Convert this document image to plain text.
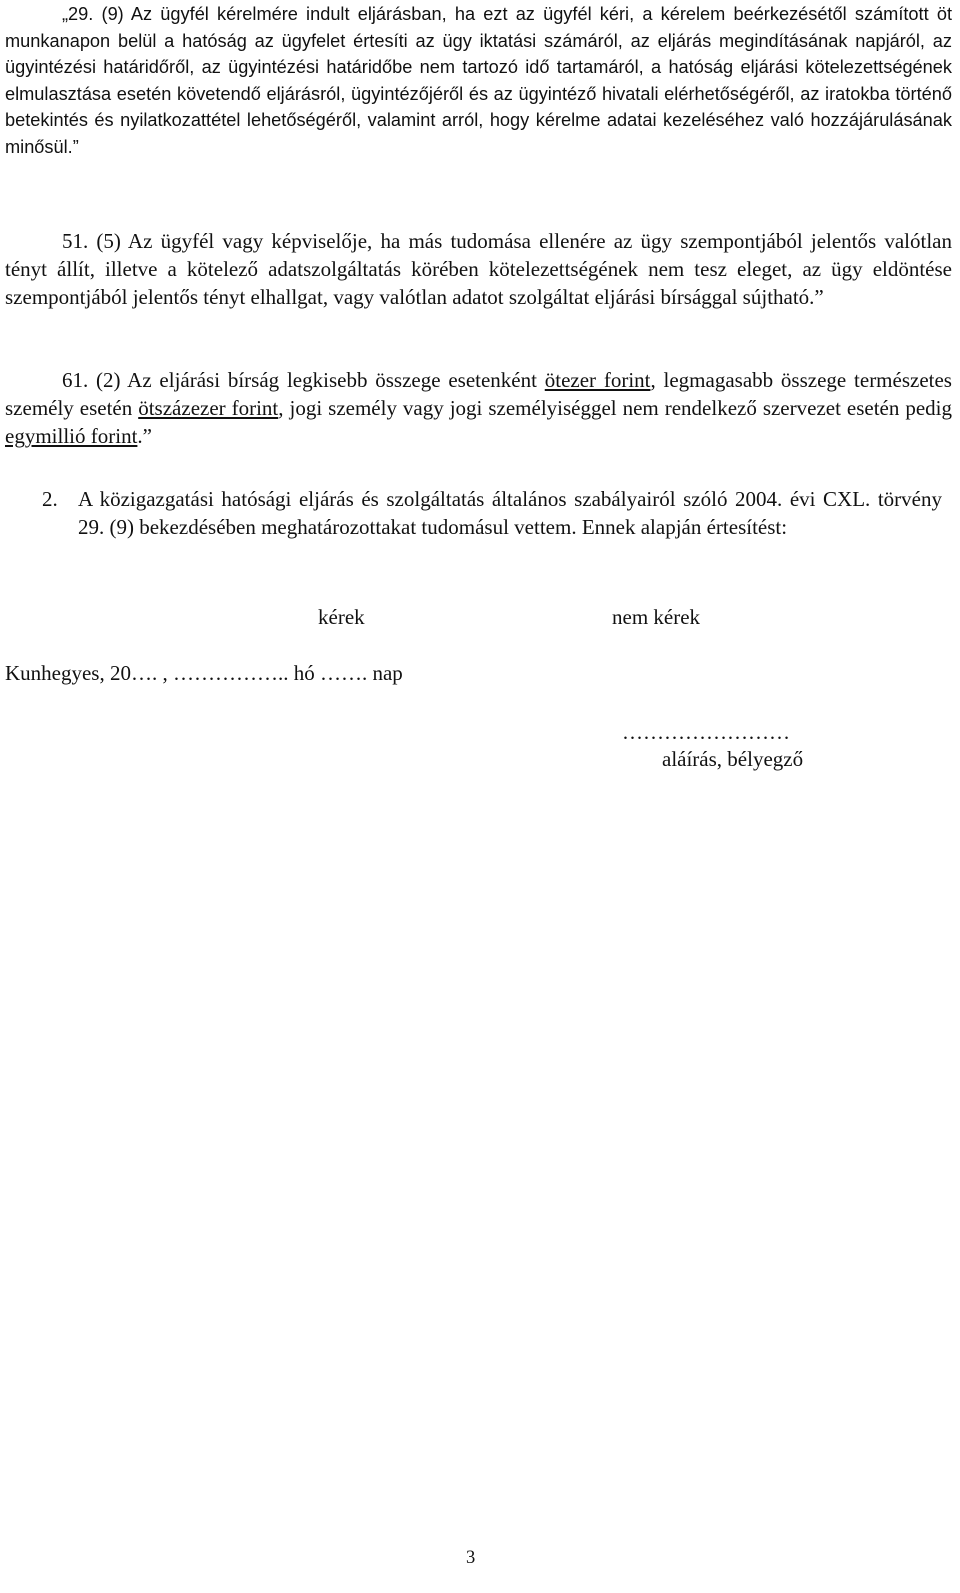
„29. (9) Az ügyfél kérelmére indult eljárásban, ha ezt az ügyfél kéri, a kérelem beérkezésétől számított öt munkanapon belül a hatóság az ügyfelet értesíti az ügy iktatási számáról, az eljárás megindításának napjáról, az ügyintézési határidőről, az ügyintézési határidőbe nem tartozó idő tartamáról, a hatóság eljárási kötelezettségének elmulasztása esetén követendő eljárásról, ügyintézőjéről és az ügyintéző hivatali elérhetőségéről, az iratokba történő betekintés és nyilatkozattétel lehetőségéről, valamint arról, hogy kérelme adatai kezeléséhez való hozzájárulásának minősül.”

51. (5) Az ügyfél vagy képviselője, ha más tudomása ellenére az ügy szempontjából jelentős valótlan tényt állít, illetve a kötelező adatszolgáltatás körében kötelezettségének nem tesz eleget, az ügy eldöntése szempontjából jelentős tényt elhallgat, vagy valótlan adatot szolgáltat eljárási bírsággal sújtható.”

61. (2) Az eljárási bírság legkisebb összege esetenként ötezer forint, legmagasabb összege természetes személy esetén ötszázezer forint, jogi személy vagy jogi személyiséggel nem rendelkező szervezet esetén pedig egymillió forint.”

2. A közigazgatási hatósági eljárás és szolgáltatás általános szabályairól szóló 2004. évi CXL. törvény 29. (9) bekezdésében meghatározottakat tudomásul vettem. Ennek alapján értesítést:

kérek	nem kérek
Kunhegyes, 20…. , …………….. hó ……. nap
……………………
aláírás, bélyegző
3
